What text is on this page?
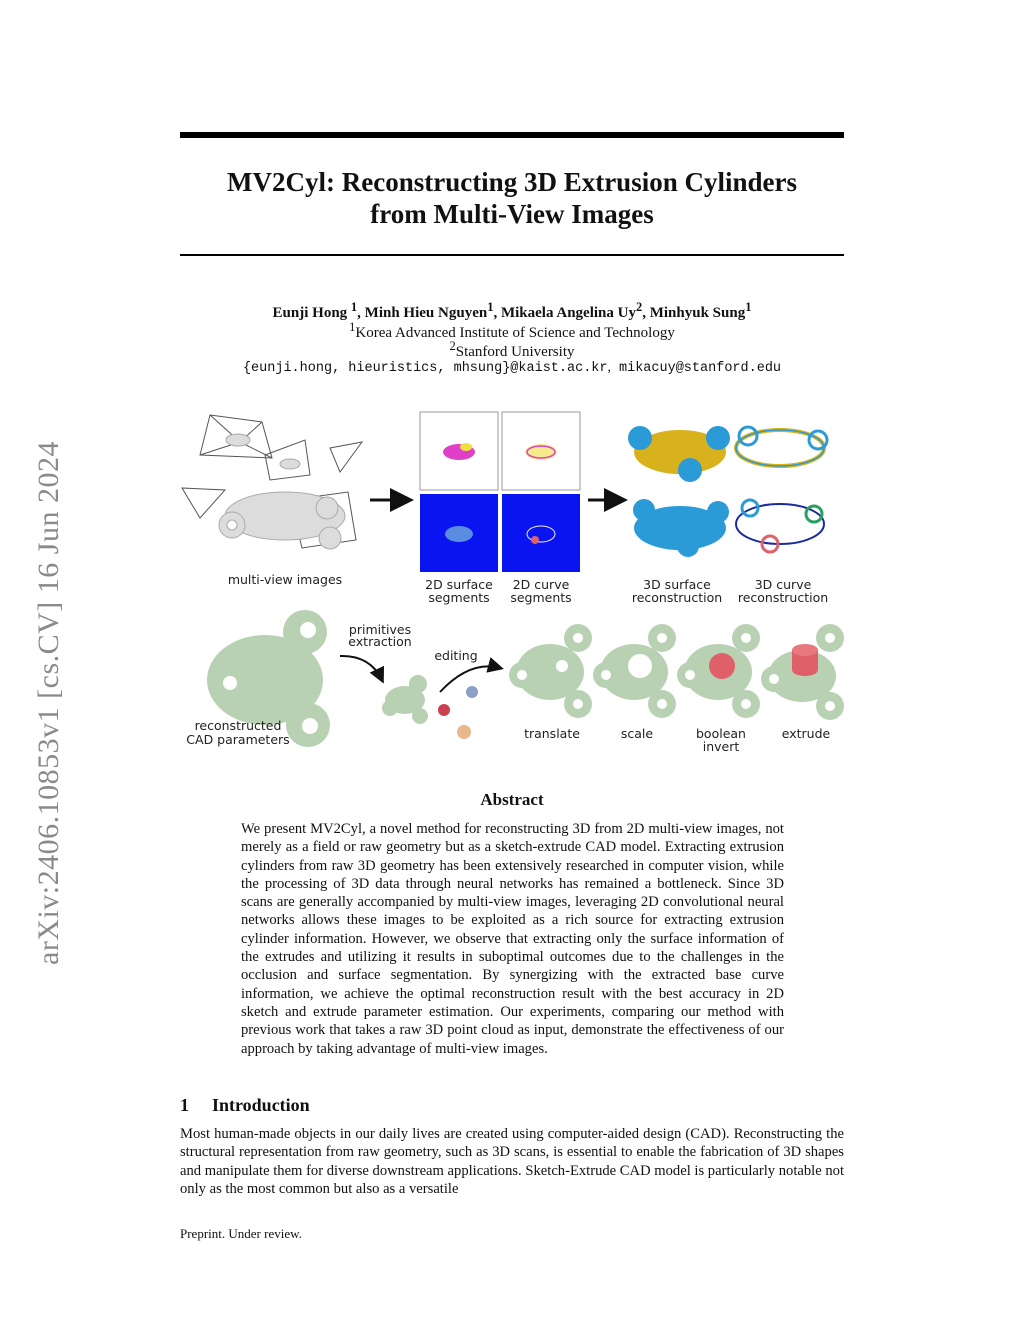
arXiv:2406.10853v1 [cs.CV] 16 Jun 2024
MV2Cyl: Reconstructing 3D Extrusion Cylinders
from Multi-View Images
Eunji Hong $^1$, Minh Hieu Nguyen$^1$, Mikaela Angelina Uy$^2$, Minhyuk Sung$^1$
$^1$Korea Advanced Institute of Science and Technology
$^2$Stanford University
{eunji.hong, hieuristics, mhsung}@kaist.ac.kr, mikacuy@stanford.edu
multi-view images	2D surface
segments
2D curve
segments
3D surface
reconstruction
3D curve
reconstruction
reconstructed
CAD parameters
primitives
extraction
editing
translate	scale	boolean
invert
extrude
Abstract
We present MV2Cyl, a novel method for reconstructing 3D from 2D multi-view images, not merely as a field or raw geometry but as a sketch-extrude CAD model. Extracting extrusion cylinders from raw 3D geometry has been extensively researched in computer vision, while the processing of 3D data through neural networks has remained a bottleneck. Since 3D scans are generally accompanied by multi-view images, leveraging 2D convolutional neural networks allows these images to be exploited as a rich source for extracting extrusion cylinder information. However, we observe that extracting only the surface information of the extrudes and utilizing it results in suboptimal outcomes due to the challenges in the occlusion and surface segmentation. By synergizing with the extracted base curve information, we achieve the optimal reconstruction result with the best accuracy in 2D sketch and extrude parameter estimation. Our experiments, comparing our method with previous work that takes a raw 3D point cloud as input, demonstrate the effectiveness of our approach by taking advantage of multi-view images.
1 Introduction
Most human-made objects in our daily lives are created using computer-aided design (CAD). Reconstructing the structural representation from raw geometry, such as 3D scans, is essential to enable the fabrication of 3D shapes and manipulate them for diverse downstream applications. Sketch-Extrude CAD model is particularly notable not only as the most common but also as a versatile
Preprint. Under review.
